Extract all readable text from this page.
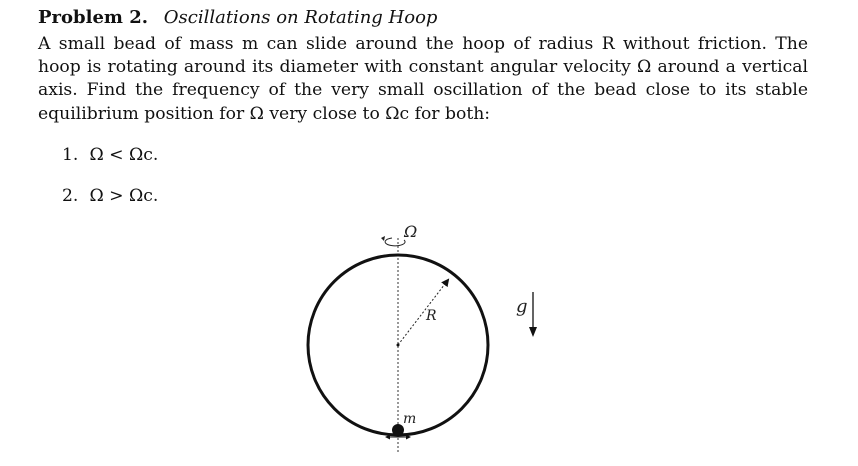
Problem 2. Oscillations on Rotating Hoop
A small bead of mass m can slide around the hoop of radius R without friction. The hoop is rotating around its diameter with constant angular velocity Ω around a vertical axis. Find the frequency of the very small oscillation of the bead close to its stable equilibrium position for Ω very close to Ωc for both:
1. Ω < Ωc.
2. Ω > Ωc.
Ω
R
m
g
